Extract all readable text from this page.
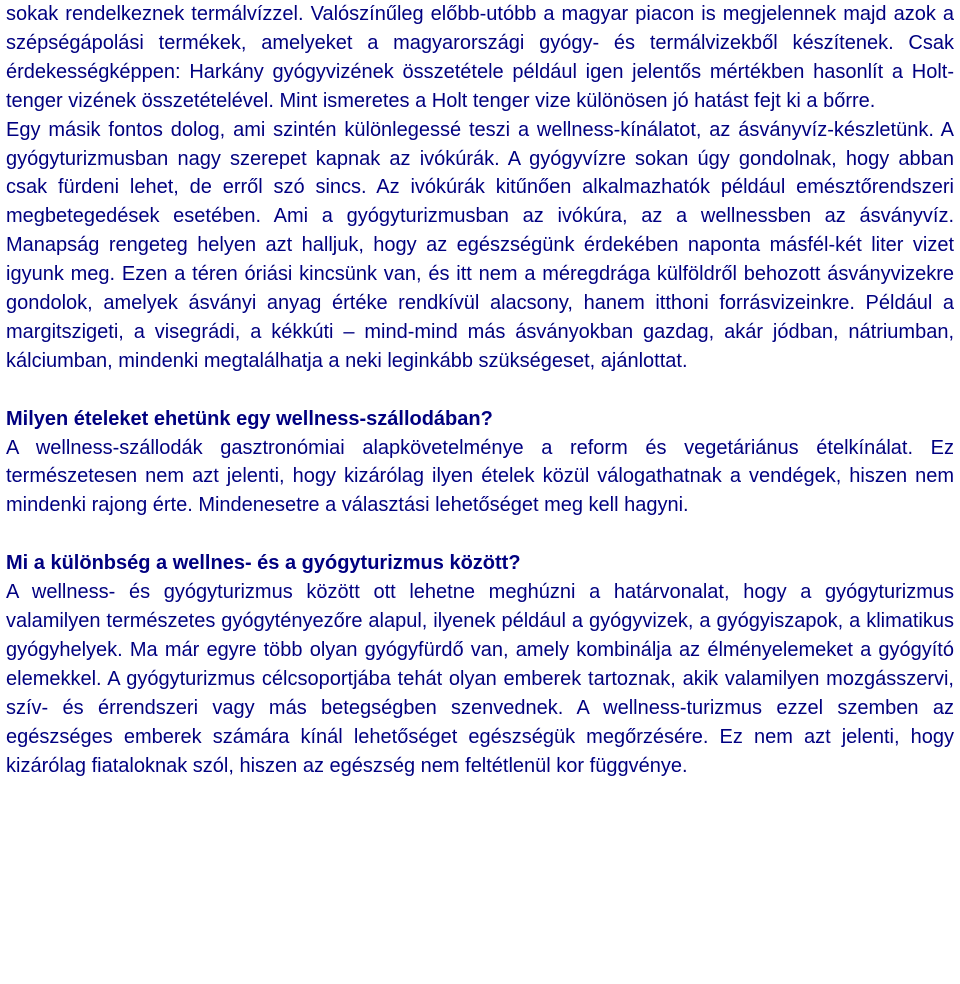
sokak rendelkeznek termálvízzel. Valószínűleg előbb-utóbb a magyar piacon is megjelennek majd azok a szépségápolási termékek, amelyeket a magyarországi gyógy- és termálvizekből készítenek. Csak érdekességképpen: Harkány gyógyvizének összetétele például igen jelentős mértékben hasonlít a Holt-tenger vizének összetételével. Mint ismeretes a Holt tenger vize különösen jó hatást fejt ki a bőrre.

Egy másik fontos dolog, ami szintén különlegessé teszi a wellness-kínálatot, az ásványvíz-készletünk. A gyógyturizmusban nagy szerepet kapnak az ivókúrák. A gyógyvízre sokan úgy gondolnak, hogy abban csak fürdeni lehet, de erről szó sincs. Az ivókúrák kitűnően alkalmazhatók például emésztőrendszeri megbetegedések esetében. Ami a gyógyturizmusban az ivókúra, az a wellnessben az ásványvíz. Manapság rengeteg helyen azt halljuk, hogy az egészségünk érdekében naponta másfél-két liter vizet igyunk meg. Ezen a téren óriási kincsünk van, és itt nem a méregdrága külföldről behozott ásványvizekre gondolok, amelyek ásványi anyag értéke rendkívül alacsony, hanem itthoni forrásvizeinkre. Például a margitszigeti, a visegrádi, a kékkúti – mind-mind más ásványokban gazdag, akár jódban, nátriumban, kálciumban, mindenki megtalálhatja a neki leginkább szükségeset, ajánlottat.

Milyen ételeket ehetünk egy wellness-szállodában?

A wellness-szállodák gasztronómiai alapkövetelménye a reform és vegetáriánus ételkínálat. Ez természetesen nem azt jelenti, hogy kizárólag ilyen ételek közül válogathatnak a vendégek, hiszen nem mindenki rajong érte. Mindenesetre a választási lehetőséget meg kell hagyni.

Mi a különbség a wellnes- és a gyógyturizmus között?

A wellness- és gyógyturizmus között ott lehetne meghúzni a határvonalat, hogy a gyógyturizmus valamilyen természetes gyógytényezőre alapul, ilyenek például a gyógyvizek, a gyógyiszapok, a klimatikus gyógyhelyek. Ma már egyre több olyan gyógyfürdő van, amely kombinálja az élményelemeket a gyógyító elemekkel. A gyógyturizmus célcsoportjába tehát olyan emberek tartoznak, akik valamilyen mozgásszervi, szív- és érrendszeri vagy más betegségben szenvednek. A wellness-turizmus ezzel szemben az egészséges emberek számára kínál lehetőséget egészségük megőrzésére. Ez nem azt jelenti, hogy kizárólag fiataloknak szól, hiszen az egészség nem feltétlenül kor függvénye.
